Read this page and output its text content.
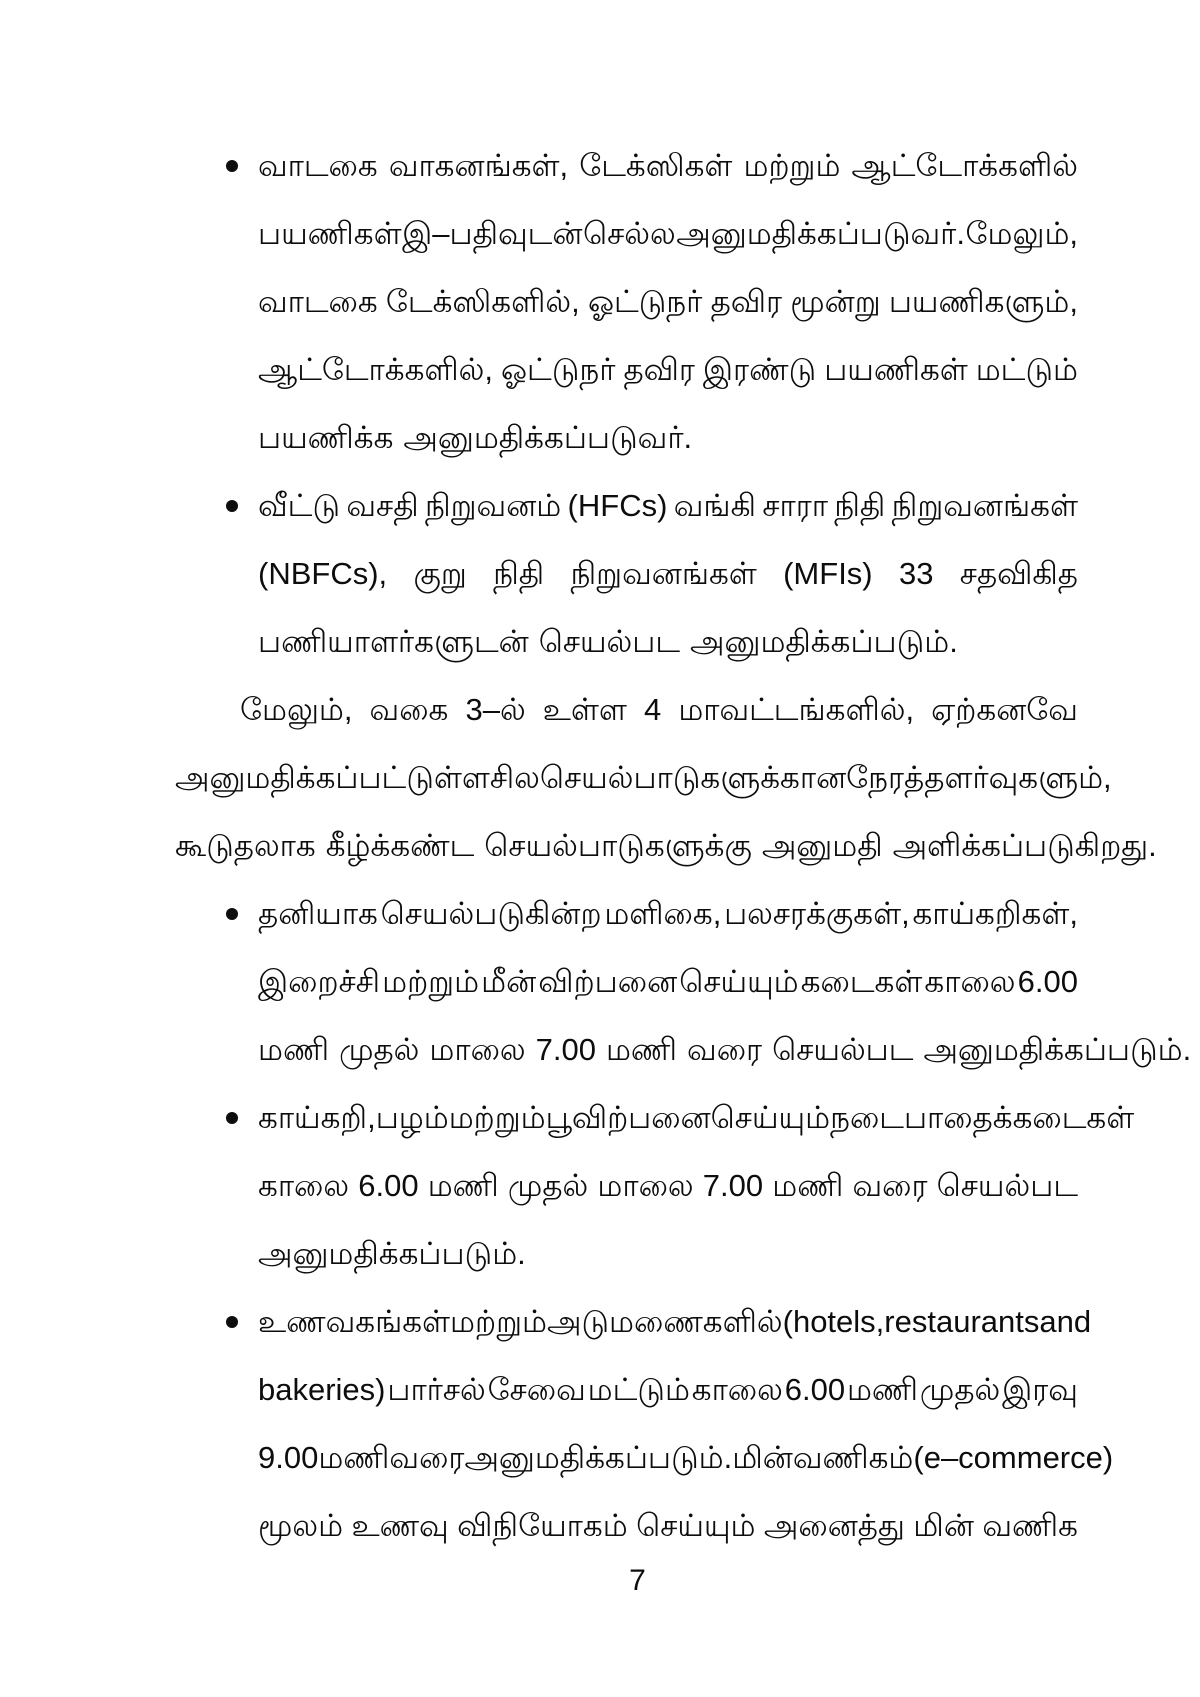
வாடகை வாகனங்கள், டேக்ஸிகள் மற்றும் ஆட்டோக்களில்
பயணிகள் இ–பதிவுடன் செல்ல அனுமதிக்கப்படுவர். மேலும்,
வாடகை டேக்ஸிகளில், ஓட்டுநர் தவிர மூன்று பயணிகளும்,
ஆட்டோக்களில், ஓட்டுநர் தவிர இரண்டு பயணிகள் மட்டும்
பயணிக்க அனுமதிக்கப்படுவர்.
வீட்டு வசதி நிறுவனம் (HFCs) வங்கி சாரா நிதி நிறுவனங்கள்
(NBFCs), குறு நிதி நிறுவனங்கள் (MFIs) 33 சதவிகித
பணியாளர்களுடன் செயல்பட அனுமதிக்கப்படும்.
மேலும், வகை 3–ல் உள்ள 4 மாவட்டங்களில், ஏற்கனவே
அனுமதிக்கப்பட்டுள்ள சில செயல்பாடுகளுக்கான நேரத் தளர்வுகளும்,
கூடுதலாக கீழ்க்கண்ட செயல்பாடுகளுக்கு அனுமதி அளிக்கப்படுகிறது.
தனியாக செயல்படுகின்ற மளிகை, பலசரக்குகள், காய்கறிகள்,
இறைச்சி மற்றும் மீன் விற்பனை செய்யும் கடைகள் காலை 6.00
மணி முதல் மாலை 7.00 மணி வரை செயல்பட அனுமதிக்கப்படும்.
காய்கறி, பழம் மற்றும் பூ விற்பனை செய்யும் நடைபாதைக் கடைகள்
காலை 6.00 மணி முதல் மாலை 7.00 மணி வரை செயல்பட
அனுமதிக்கப்படும்.
உணவகங்கள் மற்றும் அடுமணைகளில் (hotels, restaurants and
bakeries) பார்சல் சேவை மட்டும் காலை 6.00 மணி முதல் இரவு
9.00 மணி வரை அனுமதிக்கப்படும். மின் வணிகம் (e–commerce)
மூலம் உணவு விநியோகம் செய்யும் அனைத்து மின் வணிக
7
